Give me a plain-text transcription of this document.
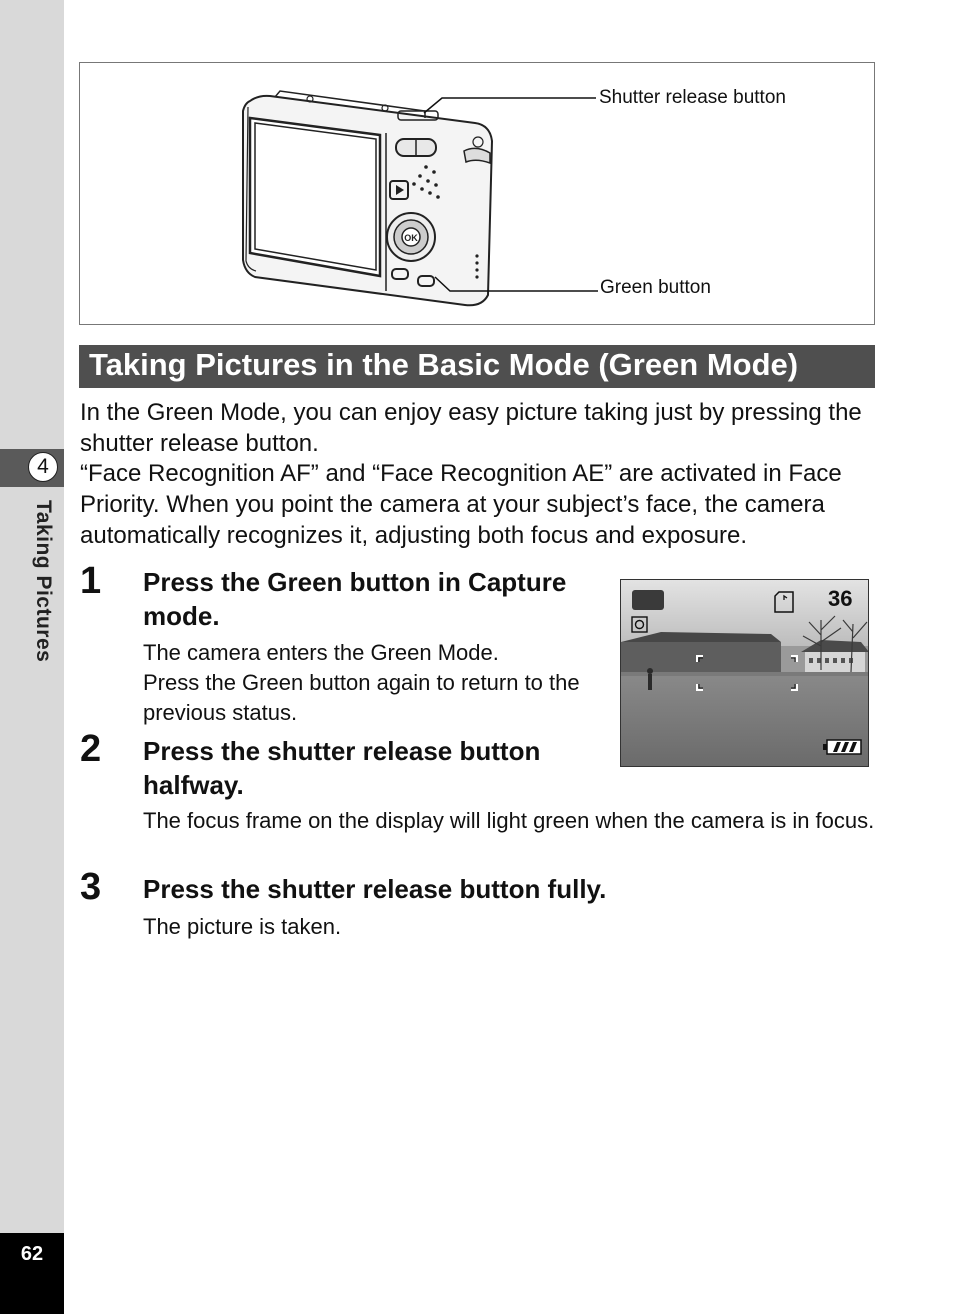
4
Taking Pictures
62
OK
Shutter release button
Green button
Taking Pictures in the Basic Mode (Green Mode)

In the Green Mode, you can enjoy easy picture taking just by pressing the shutter release button.

“Face Recognition AF” and “Face Recognition AE” are activated in Face Priority. When you point the camera at your subject’s face, the camera automatically recognizes it, adjusting both focus and exposure.

1 Press the Green button in Capture mode.

The camera enters the Green Mode.

Press the Green button again to return to the previous status.

36
2 Press the shutter release button halfway.

The focus frame on the display will light green when the camera is in focus.

3 Press the shutter release button fully.

The picture is taken.
